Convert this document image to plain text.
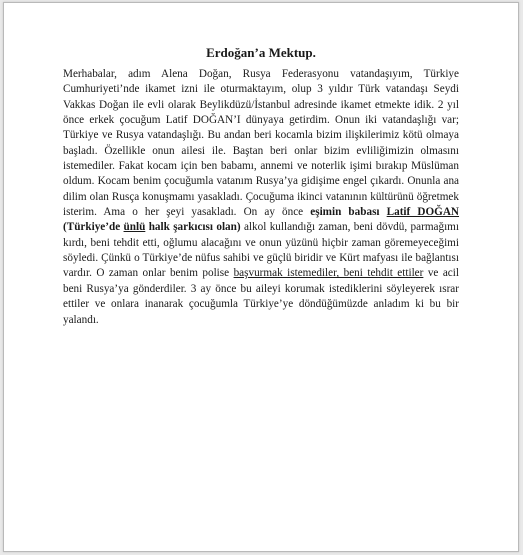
Erdoğan’a Mektup.

Merhabalar, adım Alena Doğan, Rusya Federasyonu vatandaşıyım, Türkiye Cumhuriyeti’nde ikamet izni ile oturmaktayım, olup 3 yıldır Türk vatandaşı Seydi Vakkas Doğan ile evli olarak Beylikdüzü/İstanbul adresinde ikamet etmekte idik. 2 yıl önce erkek çocuğum Latif DOĞAN’I dünyaya getirdim. Onun iki vatandaşlığı var; Türkiye ve Rusya vatandaşlığı. Bu andan beri kocamla bizim ilişkilerimiz kötü olmaya başladı. Özellikle onun ailesi ile. Baştan beri onlar bizim evliliğimizin olmasını istemediler. Fakat kocam için ben babamı, annemi ve noterlik işimi bırakıp Müslüman oldum. Kocam benim çocuğumla vatanım Rusya’ya gidişime engel çıkardı. Onunla ana dilim olan Rusça konuşmamı yasakladı. Çocuğuma ikinci vatanının kültürünü öğretmek isterim. Ama o her şeyi yasakladı. On ay önce eşimin babası Latif DOĞAN (Türkiye’de ünlü halk şarkıcısı olan) alkol kullandığı zaman, beni dövdü, parmağımı kırdı, beni tehdit etti, oğlumu alacağını ve onun yüzünü hiçbir zaman göremeyeceğimi söyledi. Çünkü o Türkiye’de nüfus sahibi ve güçlü biridir ve Kürt mafyası ile bağlantısı vardır. O zaman onlar benim polise başvurmak istemediler, beni tehdit ettiler ve acil beni Rusya’ya gönderdiler. 3 ay önce bu aileyi korumak istediklerini söyleyerek ısrar ettiler ve onlara inanarak çocuğumla Türkiye’ye döndüğümüzde anladım ki bu bir yalandı.
